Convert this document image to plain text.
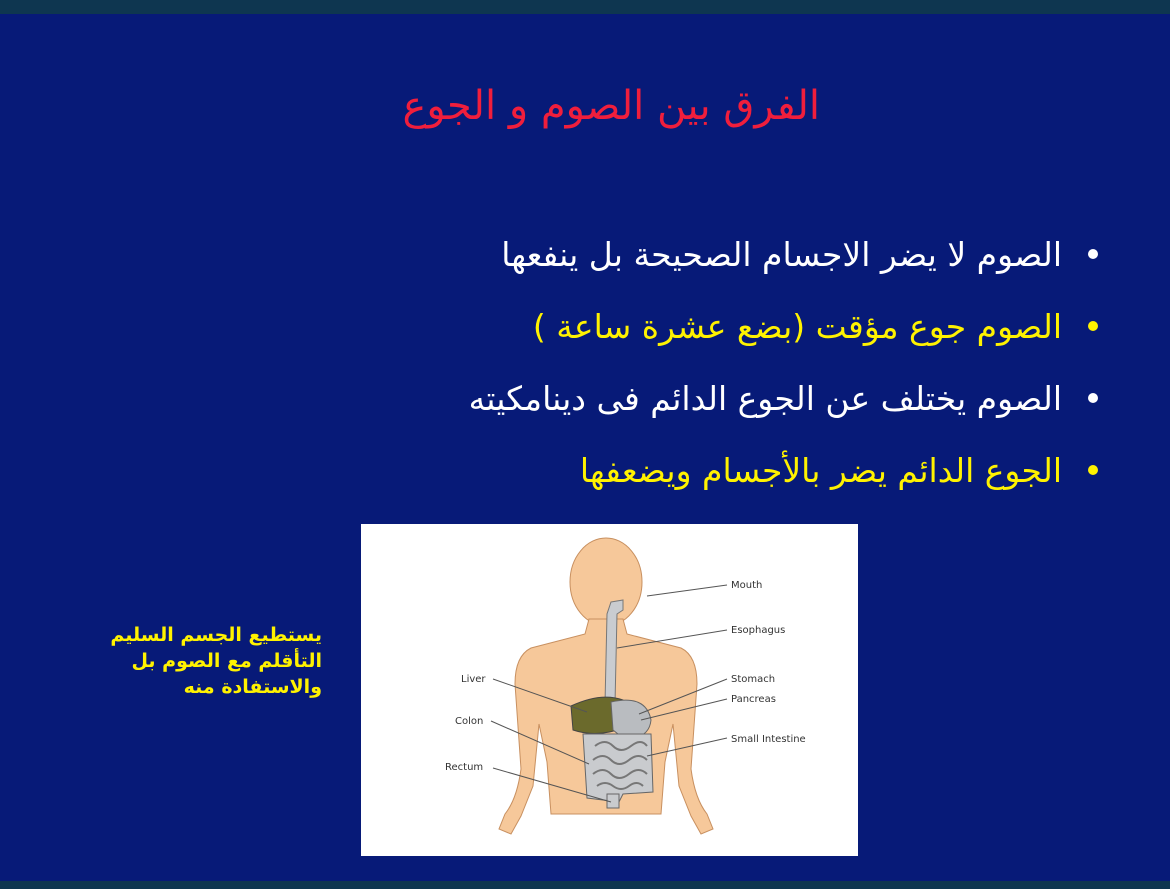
الفرق بين الصوم و الجوع
الصوم لا يضر الاجسام الصحيحة بل ينفعها
الصوم جوع مؤقت (بضع عشرة ساعة )
الصوم يختلف عن الجوع الدائم فى دينامكيته
الجوع الدائم يضر بالأجسام ويضعفها
يستطيع الجسم السليم
التأقلم مع الصوم بل
والاستفادة منه
Mouth
Esophagus
Liver	Stomach
Pancreas
Colon
Small Intestine
Rectum
